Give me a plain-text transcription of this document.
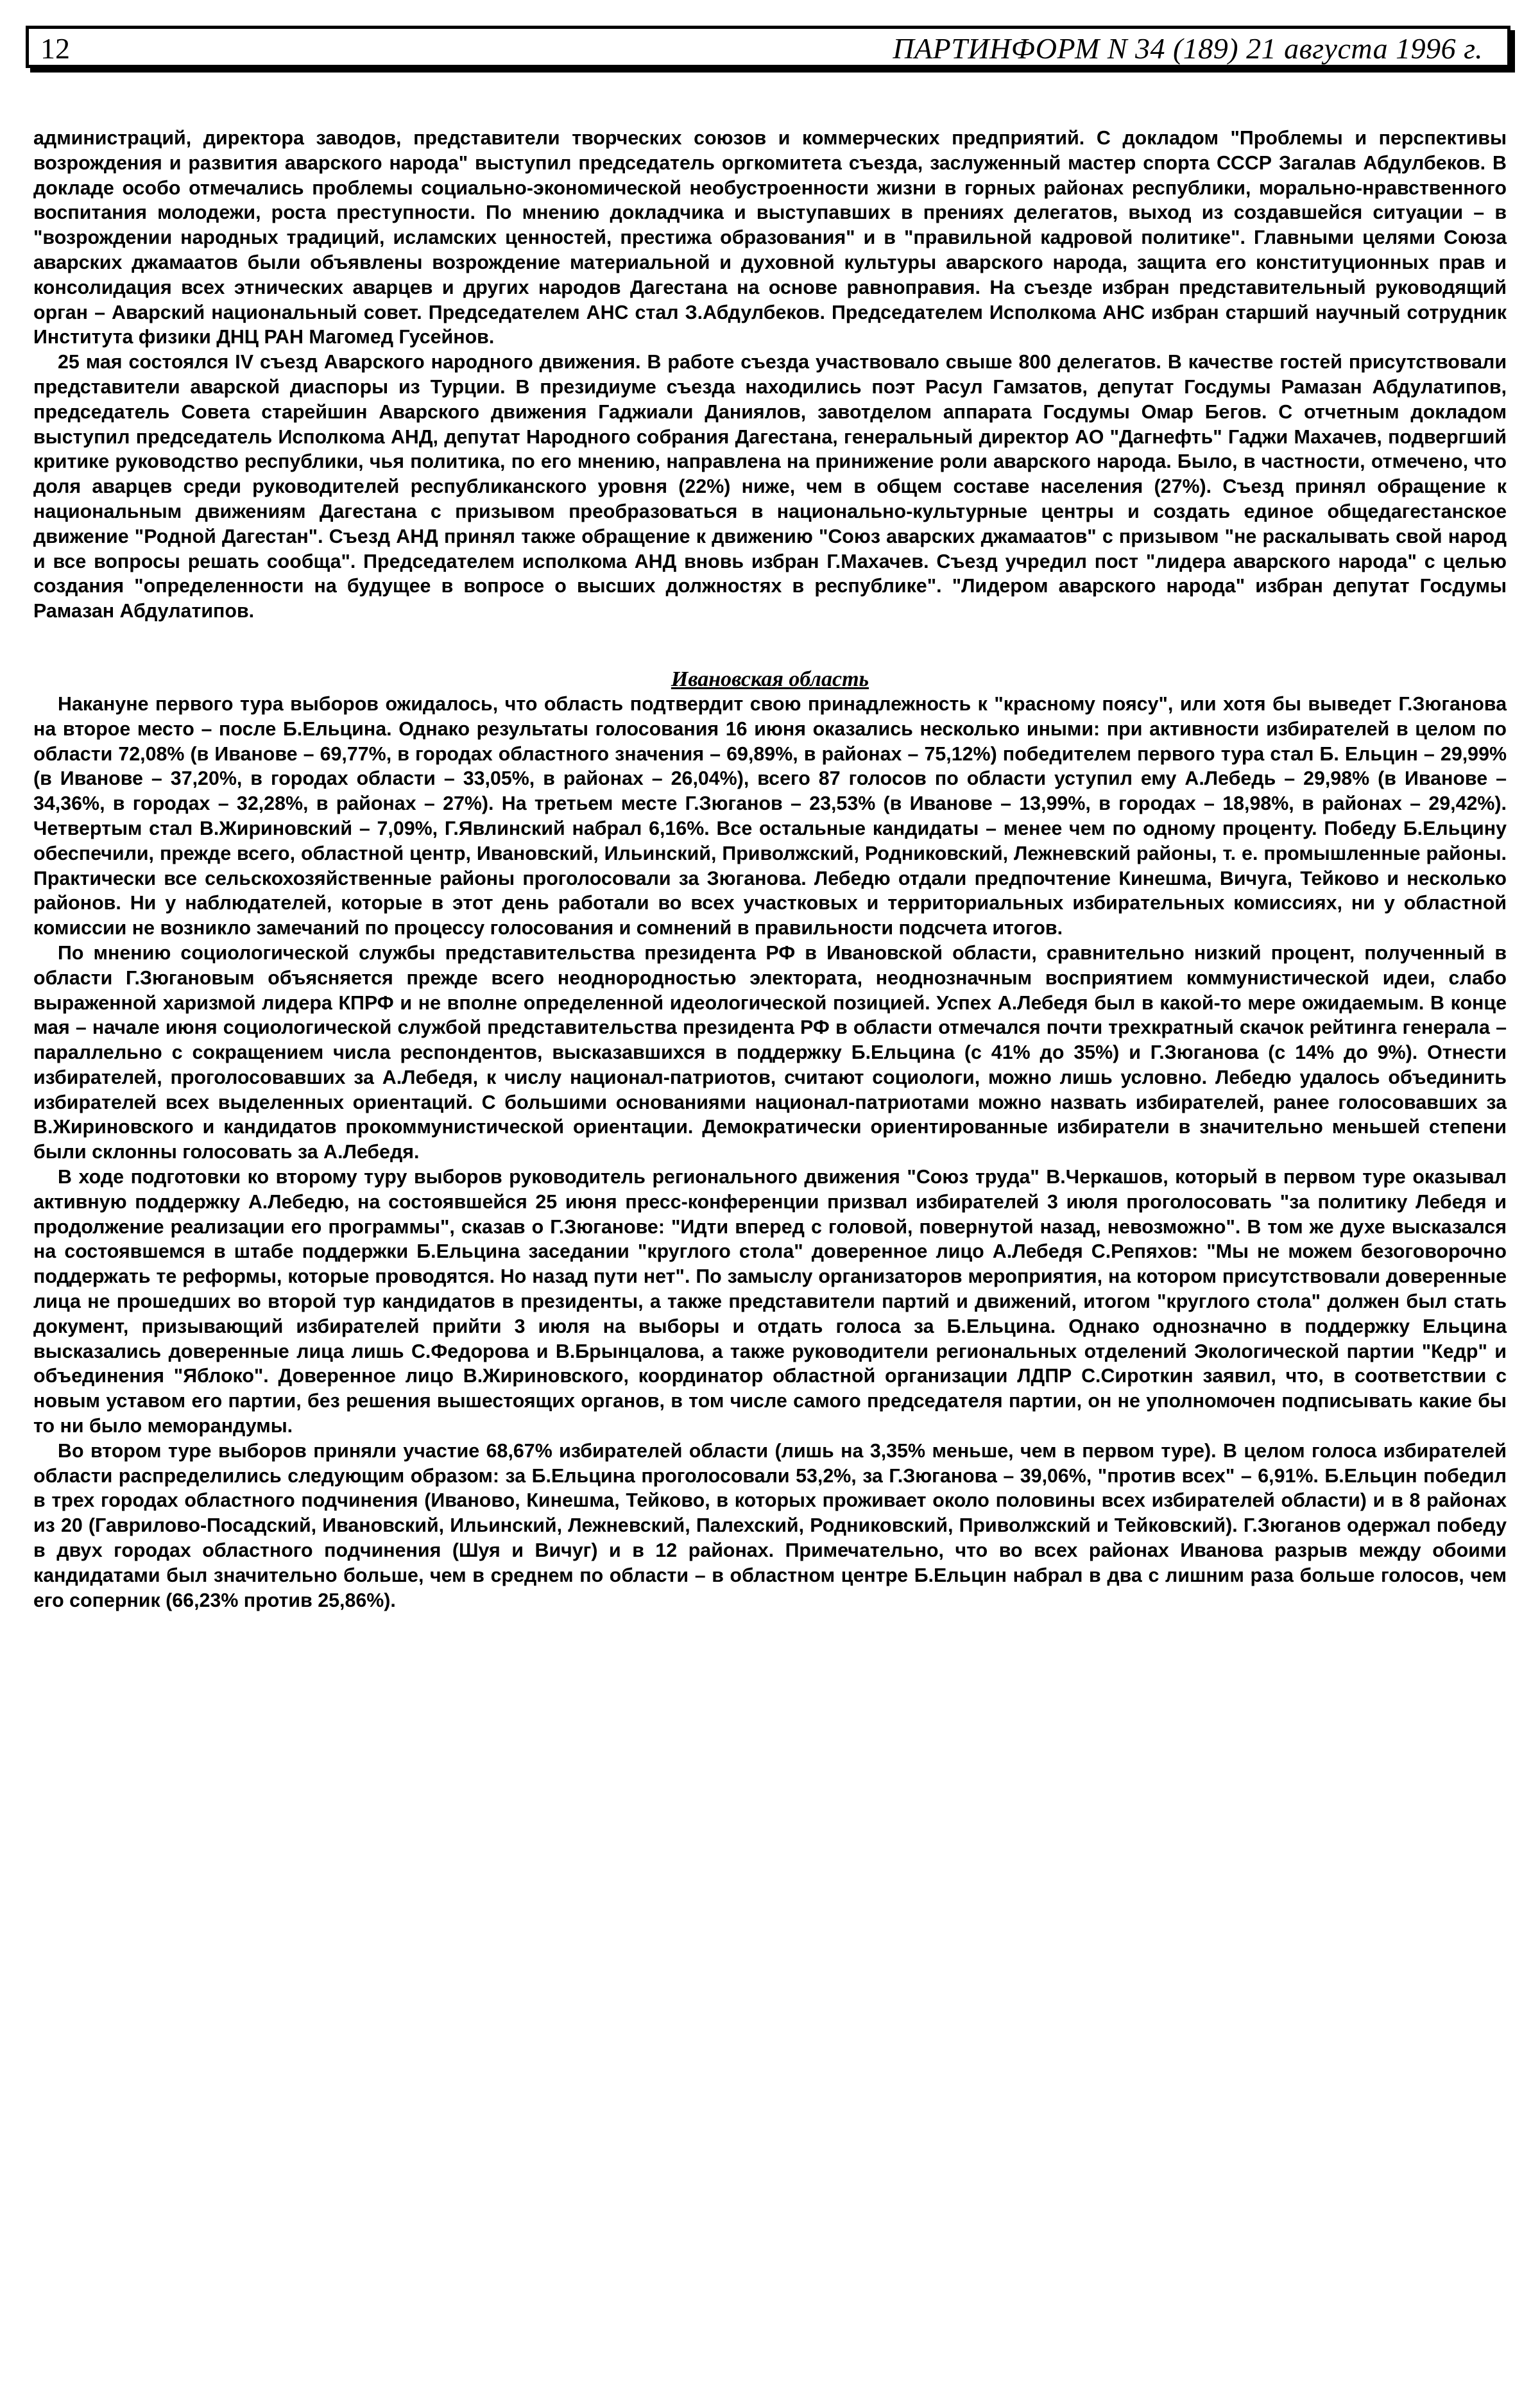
12	ПАРТИНФОРМ N 34 (189) 21 августа 1996 г.

администраций, директора заводов, представители творческих союзов и коммерческих предприятий. С докладом "Проблемы и перспективы возрождения и развития аварского народа" выступил председатель оргкомитета съезда, заслуженный мастер спорта СССР Загалав Абдулбеков. В докладе особо отмечались проблемы социально-экономической необустроенности жизни в горных районах республики, морально-нравственного воспитания молодежи, роста преступности. По мнению докладчика и выступавших в прениях делегатов, выход из создавшейся ситуации – в "возрождении народных традиций, исламских ценностей, престижа образования" и в "правильной кадровой политике". Главными целями Союза аварских джамаатов были объявлены возрождение материальной и духовной культуры аварского народа, защита его конституционных прав и консолидация всех этнических аварцев и других народов Дагестана на основе равноправия. На съезде избран представительный руководящий орган – Аварский национальный совет. Председателем АНС стал З.Абдулбеков. Председателем Исполкома АНС избран старший научный сотрудник Института физики ДНЦ РАН Магомед Гусейнов.

25 мая состоялся IV съезд Аварского народного движения. В работе съезда участвовало свыше 800 делегатов. В качестве гостей присутствовали представители аварской диаспоры из Турции. В президиуме съезда находились поэт Расул Гамзатов, депутат Госдумы Рамазан Абдулатипов, председатель Совета старейшин Аварского движения Гаджиали Даниялов, завотделом аппарата Госдумы Омар Бегов. С отчетным докладом выступил председатель Исполкома АНД, депутат Народного собрания Дагестана, генеральный директор АО "Дагнефть" Гаджи Махачев, подвергший критике руководство республики, чья политика, по его мнению, направлена на принижение роли аварского народа. Было, в частности, отмечено, что доля аварцев среди руководителей республиканского уровня (22%) ниже, чем в общем составе населения (27%). Съезд принял обращение к национальным движениям Дагестана с призывом преобразоваться в национально-культурные центры и создать единое общедагестанское движение "Родной Дагестан". Съезд АНД принял также обращение к движению "Союз аварских джамаатов" с призывом "не раскалывать свой народ и все вопросы решать сообща". Председателем исполкома АНД вновь избран Г.Махачев. Съезд учредил пост "лидера аварского народа" с целью создания "определенности на будущее в вопросе о высших должностях в республике". "Лидером аварского народа" избран депутат Госдумы Рамазан Абдулатипов.

Ивановская область

Накануне первого тура выборов ожидалось, что область подтвердит свою принадлежность к "красному поясу", или хотя бы выведет Г.Зюганова на второе место – после Б.Ельцина. Однако результаты голосования 16 июня оказались несколько иными: при активности избирателей в целом по области 72,08% (в Иванове – 69,77%, в городах областного значения – 69,89%, в районах – 75,12%) победителем первого тура стал Б. Ельцин – 29,99% (в Иванове – 37,20%, в городах области – 33,05%, в районах – 26,04%), всего 87 голосов по области уступил ему А.Лебедь – 29,98% (в Иванове – 34,36%, в городах – 32,28%, в районах – 27%). На третьем месте Г.Зюганов – 23,53% (в Иванове – 13,99%, в городах – 18,98%, в районах – 29,42%). Четвертым стал В.Жириновский – 7,09%, Г.Явлинский набрал 6,16%. Все остальные кандидаты – менее чем по одному проценту. Победу Б.Ельцину обеспечили, прежде всего, областной центр, Ивановский, Ильинский, Приволжский, Родниковский, Лежневский районы, т. е. промышленные районы. Практически все сельскохозяйственные районы проголосовали за Зюганова. Лебедю отдали предпочтение Кинешма, Вичуга, Тейково и несколько районов. Ни у наблюдателей, которые в этот день работали во всех участковых и территориальных избирательных комиссиях, ни у областной комиссии не возникло замечаний по процессу голосования и сомнений в правильности подсчета итогов.

По мнению социологической службы представительства президента РФ в Ивановской области, сравнительно низкий процент, полученный в области Г.Зюгановым объясняется прежде всего неоднородностью электората, неоднозначным восприятием коммунистической идеи, слабо выраженной харизмой лидера КПРФ и не вполне определенной идеологической позицией. Успех А.Лебедя был в какой-то мере ожидаемым. В конце мая – начале июня социологической службой представительства президента РФ в области отмечался почти трехкратный скачок рейтинга генерала – параллельно с сокращением числа респондентов, высказавшихся в поддержку Б.Ельцина (с 41% до 35%) и Г.Зюганова (с 14% до 9%). Отнести избирателей, проголосовавших за А.Лебедя, к числу национал-патриотов, считают социологи, можно лишь условно. Лебедю удалось объединить избирателей всех выделенных ориентаций. С большими основаниями национал-патриотами можно назвать избирателей, ранее голосовавших за В.Жириновского и кандидатов прокоммунистической ориентации. Демократически ориентированные избиратели в значительно меньшей степени были склонны голосовать за А.Лебедя.

В ходе подготовки ко второму туру выборов руководитель регионального движения "Союз труда" В.Черкашов, который в первом туре оказывал активную поддержку А.Лебедю, на состоявшейся 25 июня пресс-конференции призвал избирателей 3 июля проголосовать "за политику Лебедя и продолжение реализации его программы", сказав о Г.Зюганове: "Идти вперед с головой, повернутой назад, невозможно". В том же духе высказался на состоявшемся в штабе поддержки Б.Ельцина заседании "круглого стола" доверенное лицо А.Лебедя С.Репяхов: "Мы не можем безоговорочно поддержать те реформы, которые проводятся. Но назад пути нет". По замыслу организаторов мероприятия, на котором присутствовали доверенные лица не прошедших во второй тур кандидатов в президенты, а также представители партий и движений, итогом "круглого стола" должен был стать документ, призывающий избирателей прийти 3 июля на выборы и отдать голоса за Б.Ельцина. Однако однозначно в поддержку Ельцина высказались доверенные лица лишь С.Федорова и В.Брынцалова, а также руководители региональных отделений Экологической партии "Кедр" и объединения "Яблоко". Доверенное лицо В.Жириновского, координатор областной организации ЛДПР С.Сироткин заявил, что, в соответствии с новым уставом его партии, без решения вышестоящих органов, в том числе самого председателя партии, он не уполномочен подписывать какие бы то ни было меморандумы.

Во втором туре выборов приняли участие 68,67% избирателей области (лишь на 3,35% меньше, чем в первом туре). В целом голоса избирателей области распределились следующим образом: за Б.Ельцина проголосовали 53,2%, за Г.Зюганова – 39,06%, "против всех" – 6,91%. Б.Ельцин победил в трех городах областного подчинения (Иваново, Кинешма, Тейково, в которых проживает около половины всех избирателей области) и в 8 районах из 20 (Гаврилово-Посадский, Ивановский, Ильинский, Лежневский, Палехский, Родниковский, Приволжский и Тейковский). Г.Зюганов одержал победу в двух городах областного подчинения (Шуя и Вичуг) и в 12 районах. Примечательно, что во всех районах Иванова разрыв между обоими кандидатами был значительно больше, чем в среднем по области – в областном центре Б.Ельцин набрал в два с лишним раза больше голосов, чем его соперник (66,23% против 25,86%).
